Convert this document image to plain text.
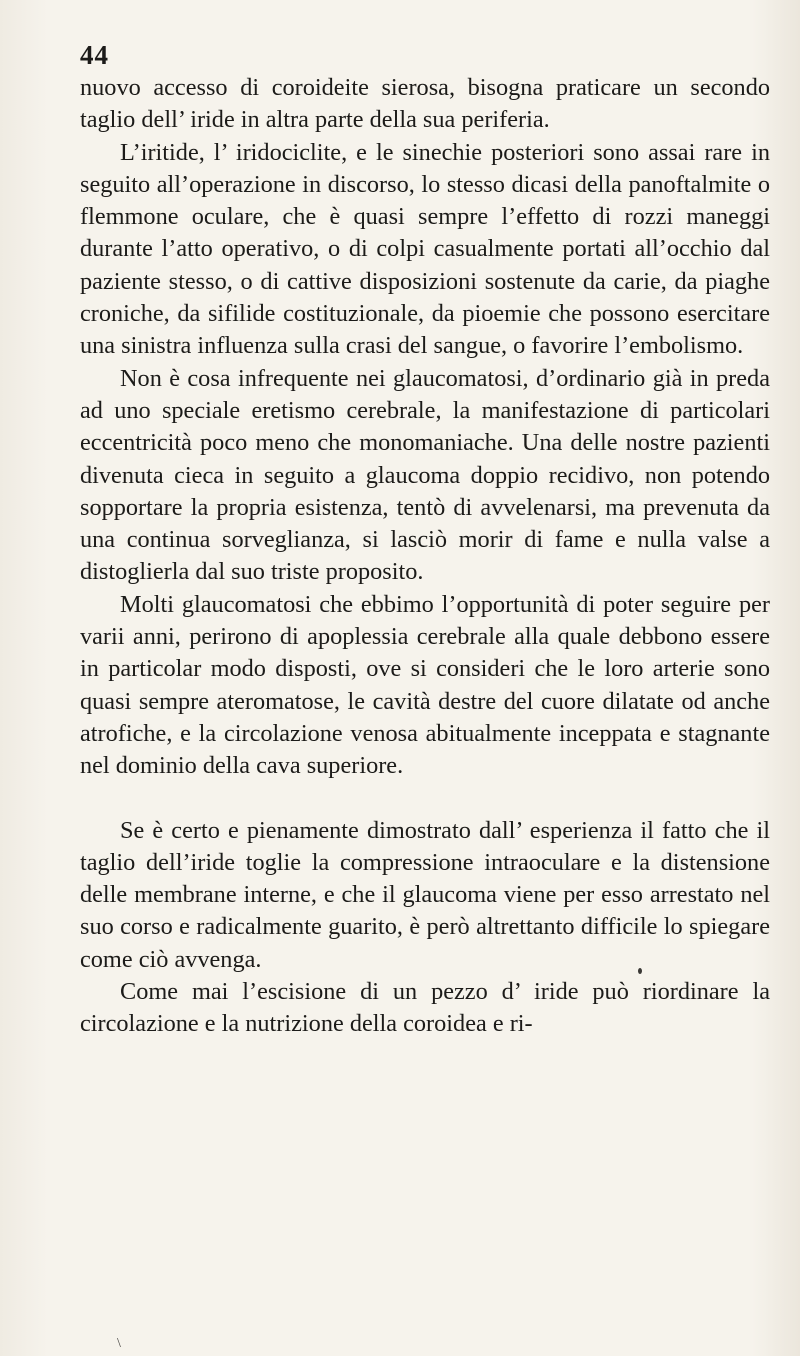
44

nuovo accesso di coroideite sierosa, bisogna praticare un secondo taglio dell’ iride in altra parte della sua periferia.

L’iritide, l’ iridociclite, e le sinechie posteriori sono assai rare in seguito all’operazione in discorso, lo stesso dicasi della panoftalmite o flemmone oculare, che è quasi sempre l’effetto di rozzi maneggi durante l’atto operativo, o di colpi casualmente portati all’occhio dal paziente stesso, o di cattive disposizioni sostenute da carie, da piaghe croniche, da sifilide costituzionale, da pioemie che possono esercitare una sinistra influenza sulla crasi del sangue, o favorire l’embolismo.

Non è cosa infrequente nei glaucomatosi, d’ordinario già in preda ad uno speciale eretismo cerebrale, la manifestazione di particolari eccentricità poco meno che monomaniache. Una delle nostre pazienti divenuta cieca in seguito a glaucoma doppio recidivo, non potendo sopportare la propria esistenza, tentò di avvelenarsi, ma prevenuta da una continua sorveglianza, si lasciò morir di fame e nulla valse a distoglierla dal suo triste proposito.

Molti glaucomatosi che ebbimo l’opportunità di poter seguire per varii anni, perirono di apoplessia cerebrale alla quale debbono essere in particolar modo disposti, ove si consideri che le loro arterie sono quasi sempre ateromatose, le cavità destre del cuore dilatate od anche atrofiche, e la circolazione venosa abitualmente inceppata e stagnante nel dominio della cava superiore.

Se è certo e pienamente dimostrato dall’ esperienza il fatto che il taglio dell’iride toglie la compressione intraoculare e la distensione delle membrane interne, e che il glaucoma viene per esso arrestato nel suo corso e radicalmente guarito, è però altrettanto difficile lo spiegare come ciò avvenga.

Come mai l’escisione di un pezzo d’ iride può riordinare la circolazione e la nutrizione della coroidea e ri-

\
